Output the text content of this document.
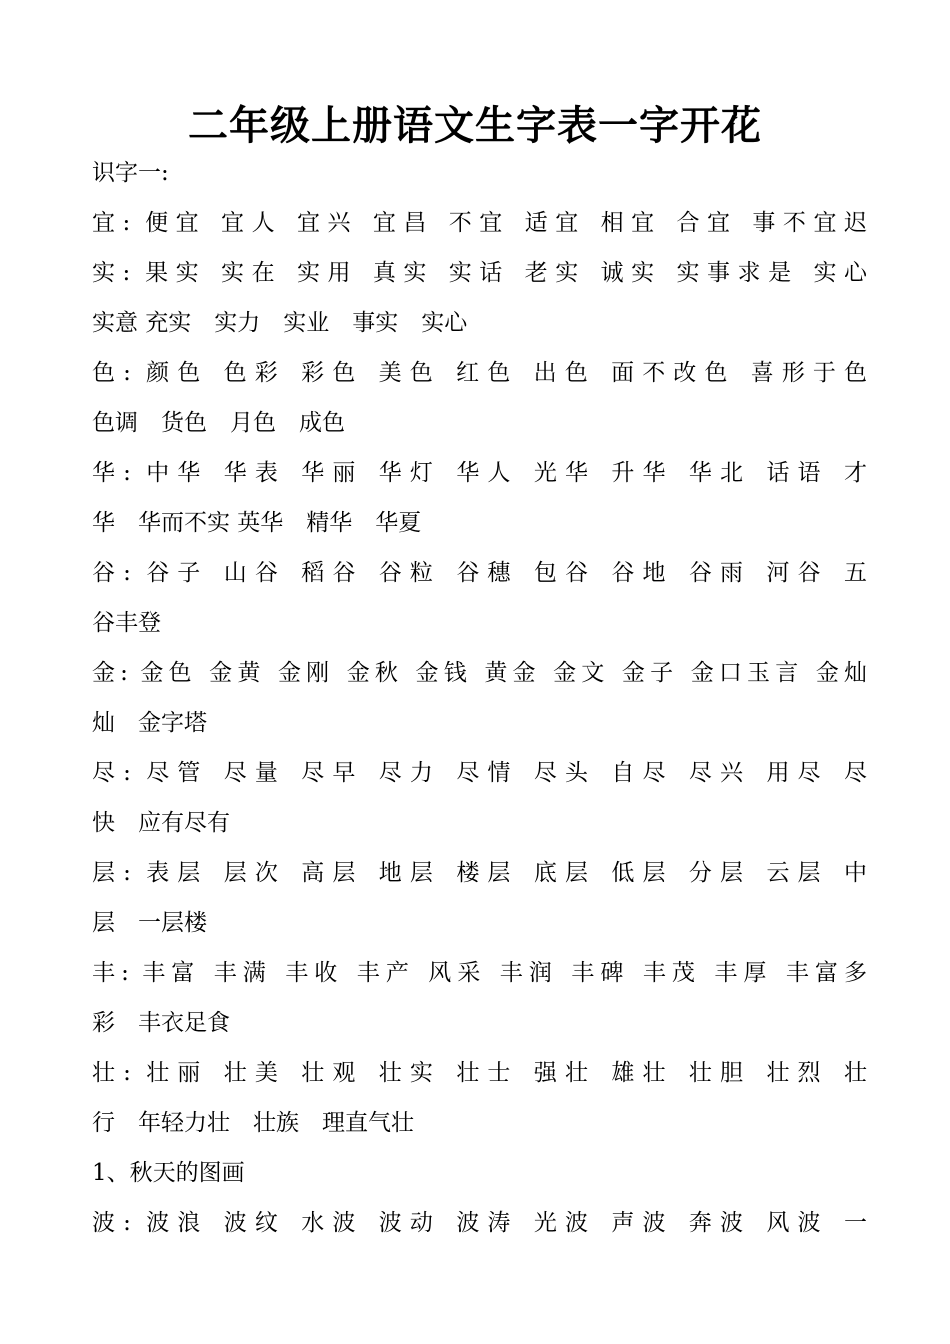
二年级上册语文生字表一字开花
识字一:
宜: 便宜 宜人 宜兴 宜昌 不宜 适宜 相宜 合宜 事不宜迟
实: 果实 实在 实用 真实 实话 老实 诚实 实事求是 实心
实意 充实　实力　实业　事实　实心
色: 颜色 色彩 彩色 美色 红色 出色 面不改色 喜形于色
色调　货色　月色　成色
华: 中华 华表 华丽 华灯 华人 光华 升华 华北 话语 才
华　华而不实 英华　精华　华夏
谷: 谷子 山谷 稻谷 谷粒 谷穗 包谷 谷地 谷雨 河谷 五
谷丰登
金: 金色 金黄 金刚 金秋 金钱 黄金 金文 金子 金口玉言 金灿
灿　金字塔
尽: 尽管 尽量 尽早 尽力 尽情 尽头 自尽 尽兴 用尽 尽
快　应有尽有
层: 表层 层次 高层 地层 楼层 底层 低层 分层 云层 中
层　一层楼
丰: 丰富 丰满 丰收 丰产 风采 丰润 丰碑 丰茂 丰厚 丰富多
彩　丰衣足食
壮: 壮丽 壮美 壮观 壮实 壮士 强壮 雄壮 壮胆 壮烈 壮
行　年轻力壮　壮族　理直气壮
1、秋天的图画
波: 波浪 波纹 水波 波动 波涛 光波 声波 奔波 风波 一
